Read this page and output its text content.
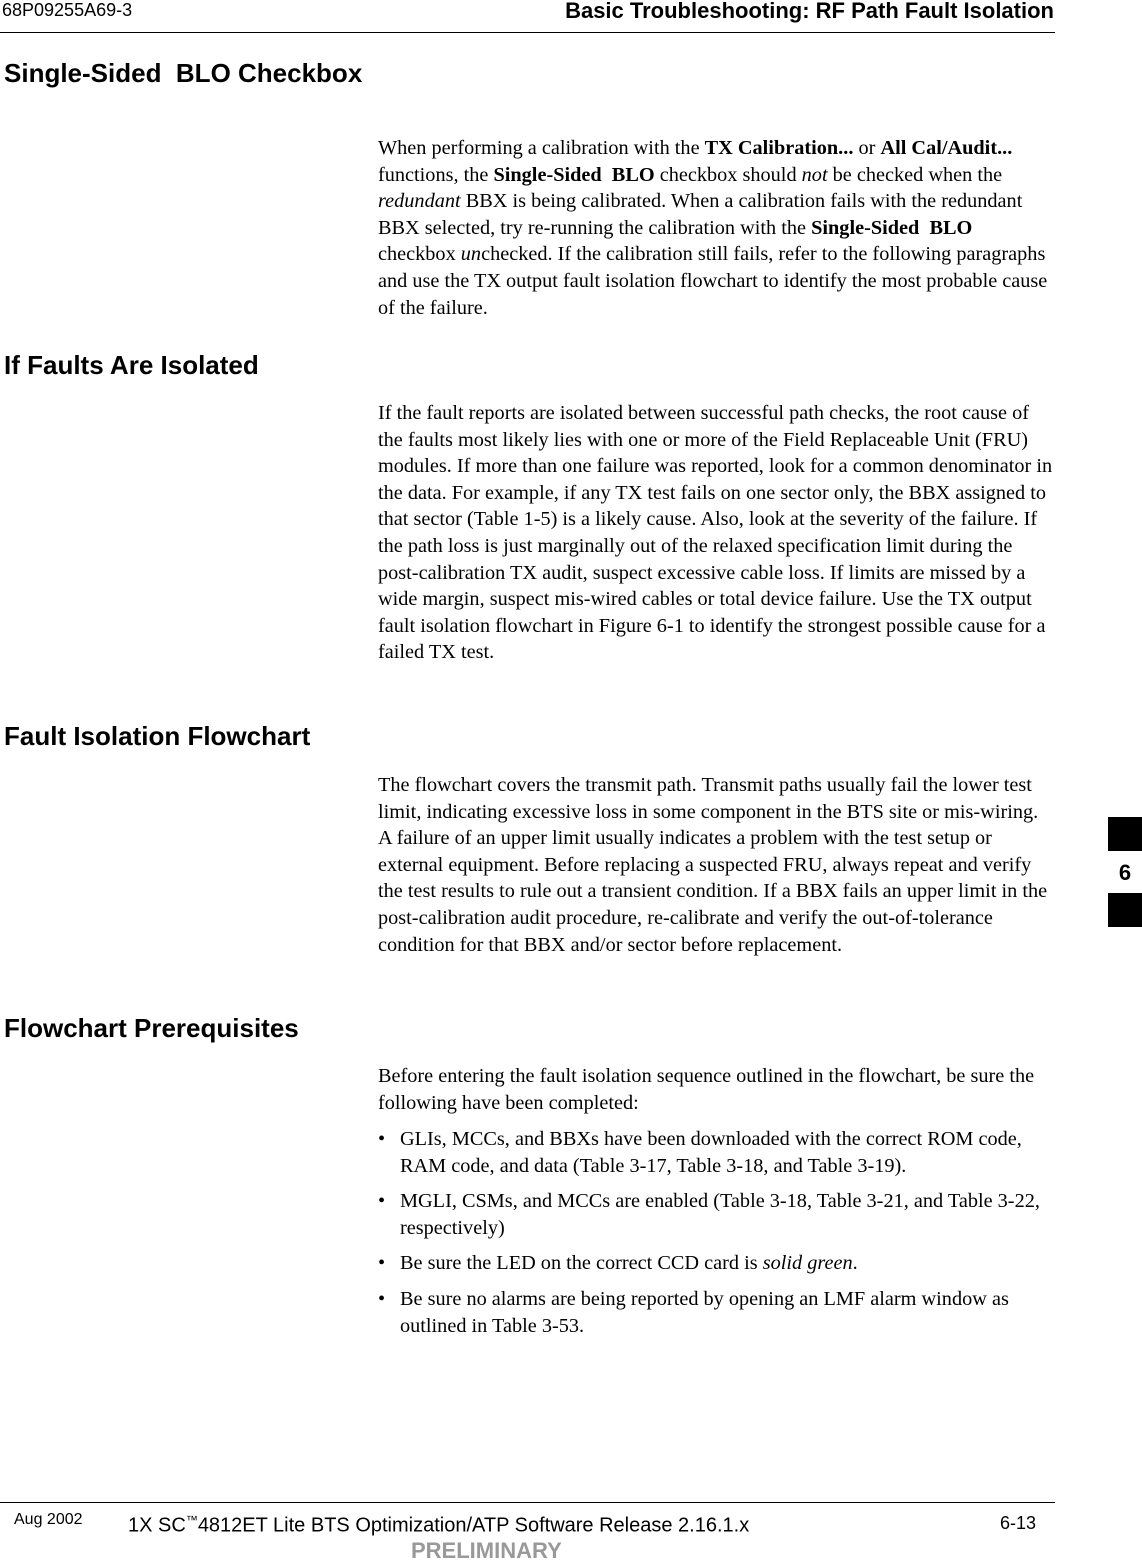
68P09255A69-3	Basic Troubleshooting: RF Path Fault Isolation
Single-Sided  BLO Checkbox

When performing a calibration with the TX Calibration... or All Cal/Audit... functions, the Single-Sided  BLO checkbox should not be checked when the redundant BBX is being calibrated. When a calibration fails with the redundant BBX selected, try re-running the calibration with the Single-Sided  BLO checkbox unchecked. If the calibration still fails, refer to the following paragraphs and use the TX output fault isolation flowchart to identify the most probable cause of the failure.

If Faults Are Isolated

If the fault reports are isolated between successful path checks, the root cause of the faults most likely lies with one or more of the Field Replaceable Unit (FRU) modules. If more than one failure was reported, look for a common denominator in the data. For example, if any TX test fails on one sector only, the BBX assigned to that sector (Table 1-5) is a likely cause. Also, look at the severity of the failure. If the path loss is just marginally out of the relaxed specification limit during the post-calibration TX audit, suspect excessive cable loss. If limits are missed by a wide margin, suspect mis-wired cables or total device failure. Use the TX output fault isolation flowchart in Figure 6-1 to identify the strongest possible cause for a failed TX test.

Fault Isolation Flowchart

The flowchart covers the transmit path. Transmit paths usually fail the lower test limit, indicating excessive loss in some component in the BTS site or mis-wiring. A failure of an upper limit usually indicates a problem with the test setup or external equipment. Before replacing a suspected FRU, always repeat and verify the test results to rule out a transient condition. If a BBX fails an upper limit in the post-calibration audit procedure, re-calibrate and verify the out-of-tolerance condition for that BBX and/or sector before replacement.

Flowchart Prerequisites

Before entering the fault isolation sequence outlined in the flowchart, be sure the following have been completed:

• GLIs, MCCs, and BBXs have been downloaded with the correct ROM code, RAM code, and data (Table 3-17, Table 3-18, and Table 3-19).
• MGLI, CSMs, and MCCs are enabled (Table 3-18, Table 3-21, and Table 3-22, respectively)
• Be sure the LED on the correct CCD card is solid green.
• Be sure no alarms are being reported by opening an LMF alarm window as outlined in Table 3-53.
6
Aug 2002 1X SC™4812ET Lite BTS Optimization/ATP Software Release 2.16.1.x	6-13
PRELIMINARY
